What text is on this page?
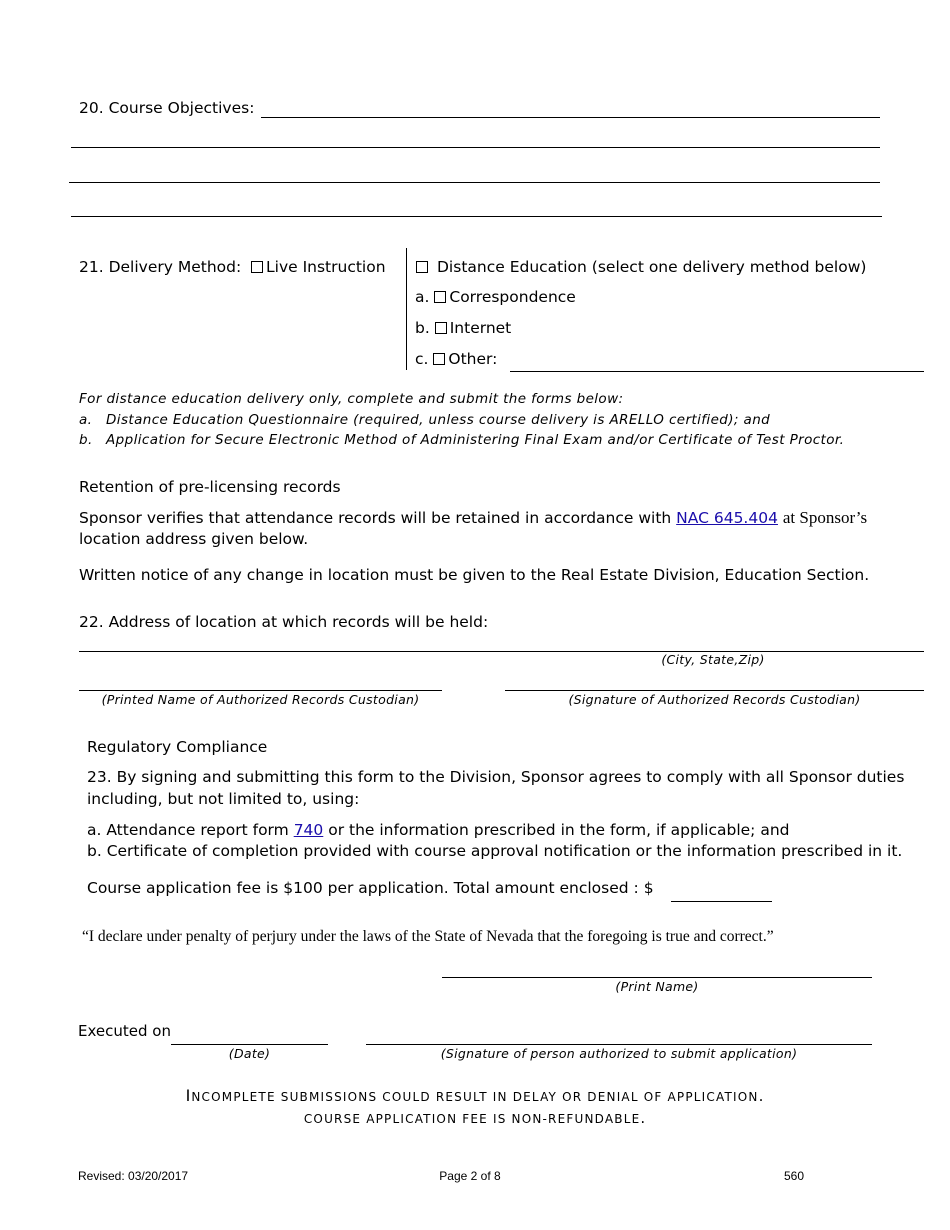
20. Course Objectives:
21. Delivery Method:	Live Instruction	Distance Education (select one delivery method below)
a. Correspondence
b. Internet
c. Other:
For distance education delivery only, complete and submit the forms below:
a. Distance Education Questionnaire (required, unless course delivery is ARELLO certified); and
b. Application for Secure Electronic Method of Administering Final Exam and/or Certificate of Test Proctor.
Retention of pre-licensing records
Sponsor verifies that attendance records will be retained in accordance with NAC 645.404 at Sponsor’s
location address given below.
Written notice of any change in location must be given to the Real Estate Division, Education Section.
22. Address of location at which records will be held:
(City, State,Zip)
(Printed Name of Authorized Records Custodian)	(Signature of Authorized Records Custodian)
Regulatory Compliance
23. By signing and submitting this form to the Division, Sponsor agrees to comply with all Sponsor duties
including, but not limited to, using:
a. Attendance report form 740 or the information prescribed in the form, if applicable; and
b. Certificate of completion provided with course approval notification or the information prescribed in it.
Course application fee is $100 per application. Total amount enclosed : $
“I declare under penalty of perjury under the laws of the State of Nevada that the foregoing is true and correct.”
(Print Name)
Executed on
(Date)	(Signature of person authorized to submit application)
INCOMPLETE SUBMISSIONS COULD RESULT IN DELAY OR DENIAL OF APPLICATION.
COURSE APPLICATION FEE IS NON-REFUNDABLE.
Revised: 03/20/2017	Page 2 of 8	560
